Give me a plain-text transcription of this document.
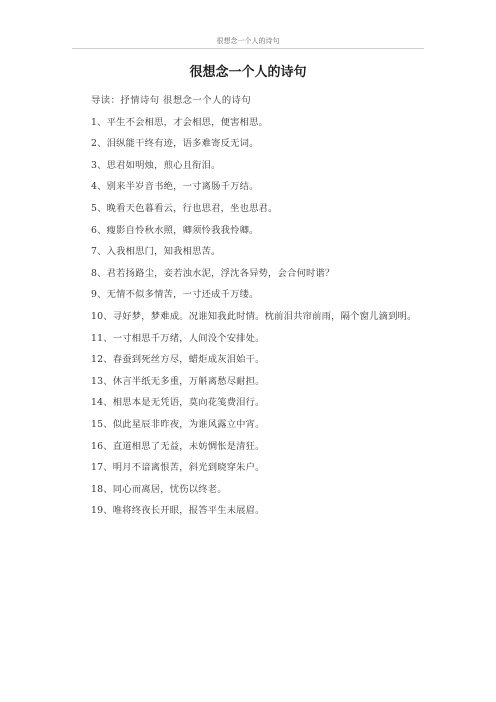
很想念一个人的诗句
很想念一个人的诗句

导读：抒情诗句 很想念一个人的诗句

1、平生不会相思，才会相思，便害相思。

2、泪纵能干终有迹，语多难寄反无词。

3、思君如明烛，煎心且衔泪。

4、别来半岁音书绝，一寸离肠千万结。

5、晚看天色暮看云，行也思君，坐也思君。

6、瘦影自怜秋水照，卿须怜我我怜卿。

7、入我相思门，知我相思苦。

8、君若扬路尘，妾若浊水泥，浮沈各异势，会合何时谐？

9、无情不似多情苦，一寸还成千万缕。

10、寻好梦，梦难成。况谁知我此时情。枕前泪共帘前雨，隔个窗儿滴到明。

11、一寸相思千万绪，人间没个安排处。

12、春蚕到死丝方尽，蜡炬成灰泪始干。

13、休言半纸无多重，万斛离愁尽耐担。

14、相思本是无凭语，莫向花笺费泪行。

15、似此星辰非昨夜，为谁风露立中宵。

16、直道相思了无益，未妨惆怅是清狂。

17、明月不谙离恨苦，斜光到晓穿朱户。

18、同心而离居，忧伤以终老。

19、唯将终夜长开眼，报答平生未展眉。
